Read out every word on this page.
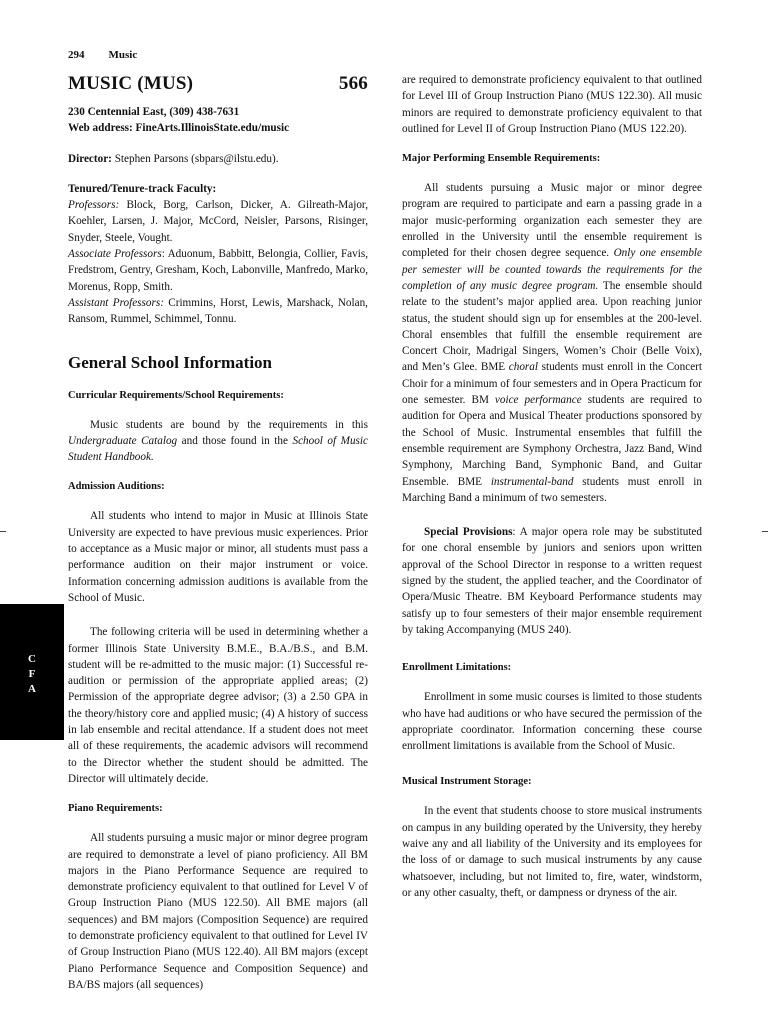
294 Music
MUSIC (MUS)	566

230 Centennial East, (309) 438-7631

Web address: FineArts.IllinoisState.edu/music

Director: Stephen Parsons (sbpars@ilstu.edu).

Tenured/Tenure-track Faculty:

Professors: Block, Borg, Carlson, Dicker, A. Gilreath-Major, Koehler, Larsen, J. Major, McCord, Neisler, Parsons, Risinger, Snyder, Steele, Vought.

Associate Professors: Aduonum, Babbitt, Belongia, Collier, Favis, Fredstrom, Gentry, Gresham, Koch, Labonville, Manfredo, Marko, Morenus, Ropp, Smith.

Assistant Professors: Crimmins, Horst, Lewis, Marshack, Nolan, Ransom, Rummel, Schimmel, Tonnu.

General School Information
Curricular Requirements/School Requirements:

Music students are bound by the requirements in this Undergraduate Catalog and those found in the School of Music Student Handbook.

Admission Auditions:

All students who intend to major in Music at Illinois State University are expected to have previous music experiences. Prior to acceptance as a Music major or minor, all students must pass a performance audition on their major instrument or voice. Information concerning admission auditions is available from the School of Music.

The following criteria will be used in determining whether a former Illinois State University B.M.E., B.A./B.S., and B.M. student will be re-admitted to the music major: (1) Successful re-audition or permission of the appropriate applied areas; (2) Permission of the appropriate degree advisor; (3) a 2.50 GPA in the theory/history core and applied music; (4) A history of success in lab ensemble and recital attendance. If a student does not meet all of these requirements, the academic advisors will recommend to the Director whether the student should be admitted. The Director will ultimately decide.

Piano Requirements:

All students pursuing a music major or minor degree program are required to demonstrate a level of piano proficiency. All BM majors in the Piano Performance Sequence are required to demonstrate proficiency equivalent to that outlined for Level V of Group Instruction Piano (MUS 122.50). All BME majors (all sequences) and BM majors (Composition Sequence) are required to demonstrate proficiency equivalent to that outlined for Level IV of Group Instruction Piano (MUS 122.40). All BM majors (except Piano Performance Sequence and Composition Sequence) and BA/BS majors (all sequences)

are required to demonstrate proficiency equivalent to that outlined for Level III of Group Instruction Piano (MUS 122.30). All music minors are required to demonstrate proficiency equivalent to that outlined for Level II of Group Instruction Piano (MUS 122.20).

Major Performing Ensemble Requirements:

All students pursuing a Music major or minor degree program are required to participate and earn a passing grade in a major music-performing organization each semester they are enrolled in the University until the ensemble requirement is completed for their chosen degree sequence. Only one ensemble per semester will be counted towards the requirements for the completion of any music degree program. The ensemble should relate to the student’s major applied area. Upon reaching junior status, the student should sign up for ensembles at the 200-level. Choral ensembles that fulfill the ensemble requirement are Concert Choir, Madrigal Singers, Women’s Choir (Belle Voix), and Men’s Glee. BME choral students must enroll in the Concert Choir for a minimum of four semesters and in Opera Practicum for one semester. BM voice performance students are required to audition for Opera and Musical Theater productions sponsored by the School of Music. Instrumental ensembles that fulfill the ensemble requirement are Symphony Orchestra, Jazz Band, Wind Symphony, Marching Band, Symphonic Band, and Guitar Ensemble. BME instrumental-band students must enroll in Marching Band a minimum of two semesters.

Special Provisions: A major opera role may be substituted for one choral ensemble by juniors and seniors upon written approval of the School Director in response to a written request signed by the student, the applied teacher, and the Coordinator of Opera/Music Theatre. BM Keyboard Performance students may satisfy up to four semesters of their major ensemble requirement by taking Accompanying (MUS 240).

Enrollment Limitations:

Enrollment in some music courses is limited to those students who have had auditions or who have secured the permission of the appropriate coordinator. Information concerning these course enrollment limitations is available from the School of Music.

Musical Instrument Storage:

In the event that students choose to store musical instruments on campus in any building operated by the University, they hereby waive any and all liability of the University and its employees for the loss of or damage to such musical instruments by any cause whatsoever, including, but not limited to, fire, water, windstorm, or any other casualty, theft, or dampness or dryness of the air.

C
F
A
